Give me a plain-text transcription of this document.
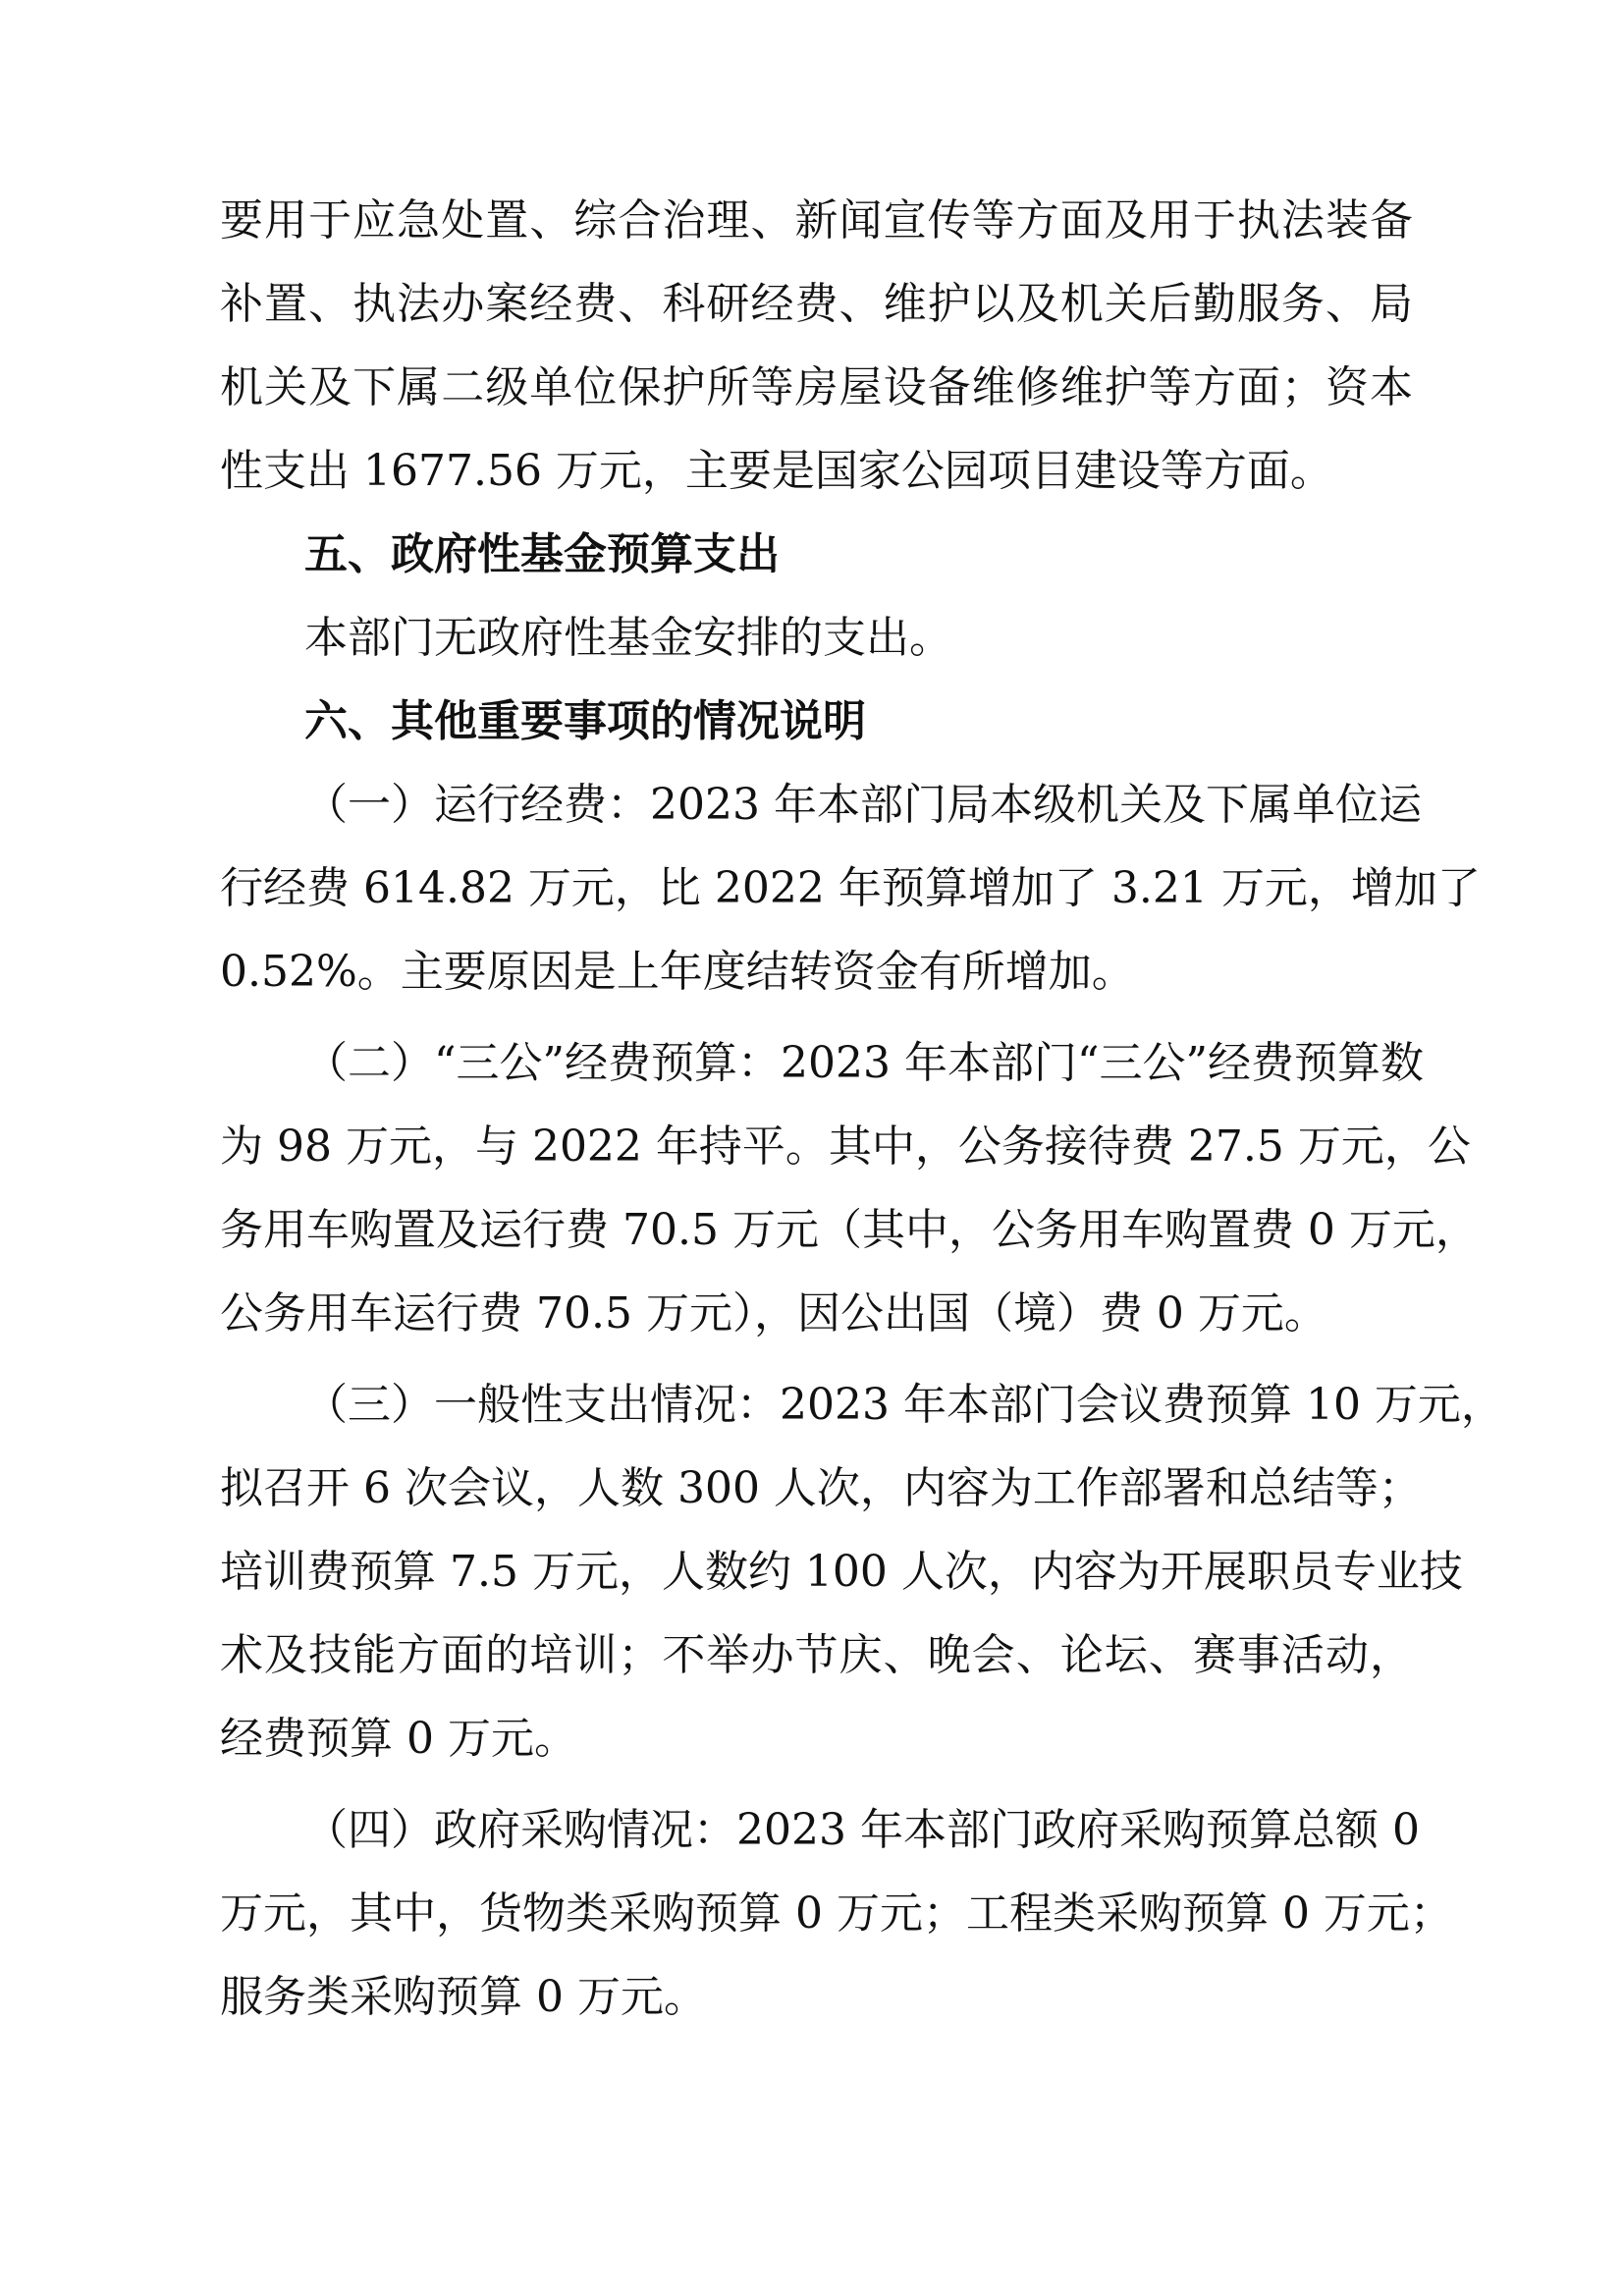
要用于应急处置、综合治理、新闻宣传等方面及用于执法装备
补置、执法办案经费、科研经费、维护以及机关后勤服务、局
机关及下属二级单位保护所等房屋设备维修维护等方面；资本
性支出 1677.56 万元，主要是国家公园项目建设等方面。
五、政府性基金预算支出
本部门无政府性基金安排的支出。
六、其他重要事项的情况说明
（一）运行经费：2023 年本部门局本级机关及下属单位运
行经费 614.82 万元，比 2022 年预算增加了 3.21 万元，增加了
0.52%。主要原因是上年度结转资金有所增加。
（二）“三公”经费预算：2023 年本部门“三公”经费预算数
为 98 万元，与 2022 年持平。其中，公务接待费 27.5 万元，公
务用车购置及运行费 70.5 万元（其中，公务用车购置费 0 万元，
公务用车运行费 70.5 万元），因公出国（境）费 0 万元。
（三）一般性支出情况：2023 年本部门会议费预算 10 万元，
拟召开 6 次会议，人数 300 人次，内容为工作部署和总结等；
培训费预算 7.5 万元，人数约 100 人次，内容为开展职员专业技
术及技能方面的培训；不举办节庆、晚会、论坛、赛事活动，
经费预算 0 万元。
（四）政府采购情况：2023 年本部门政府采购预算总额 0
万元，其中，货物类采购预算 0 万元；工程类采购预算 0 万元；
服务类采购预算 0 万元。
